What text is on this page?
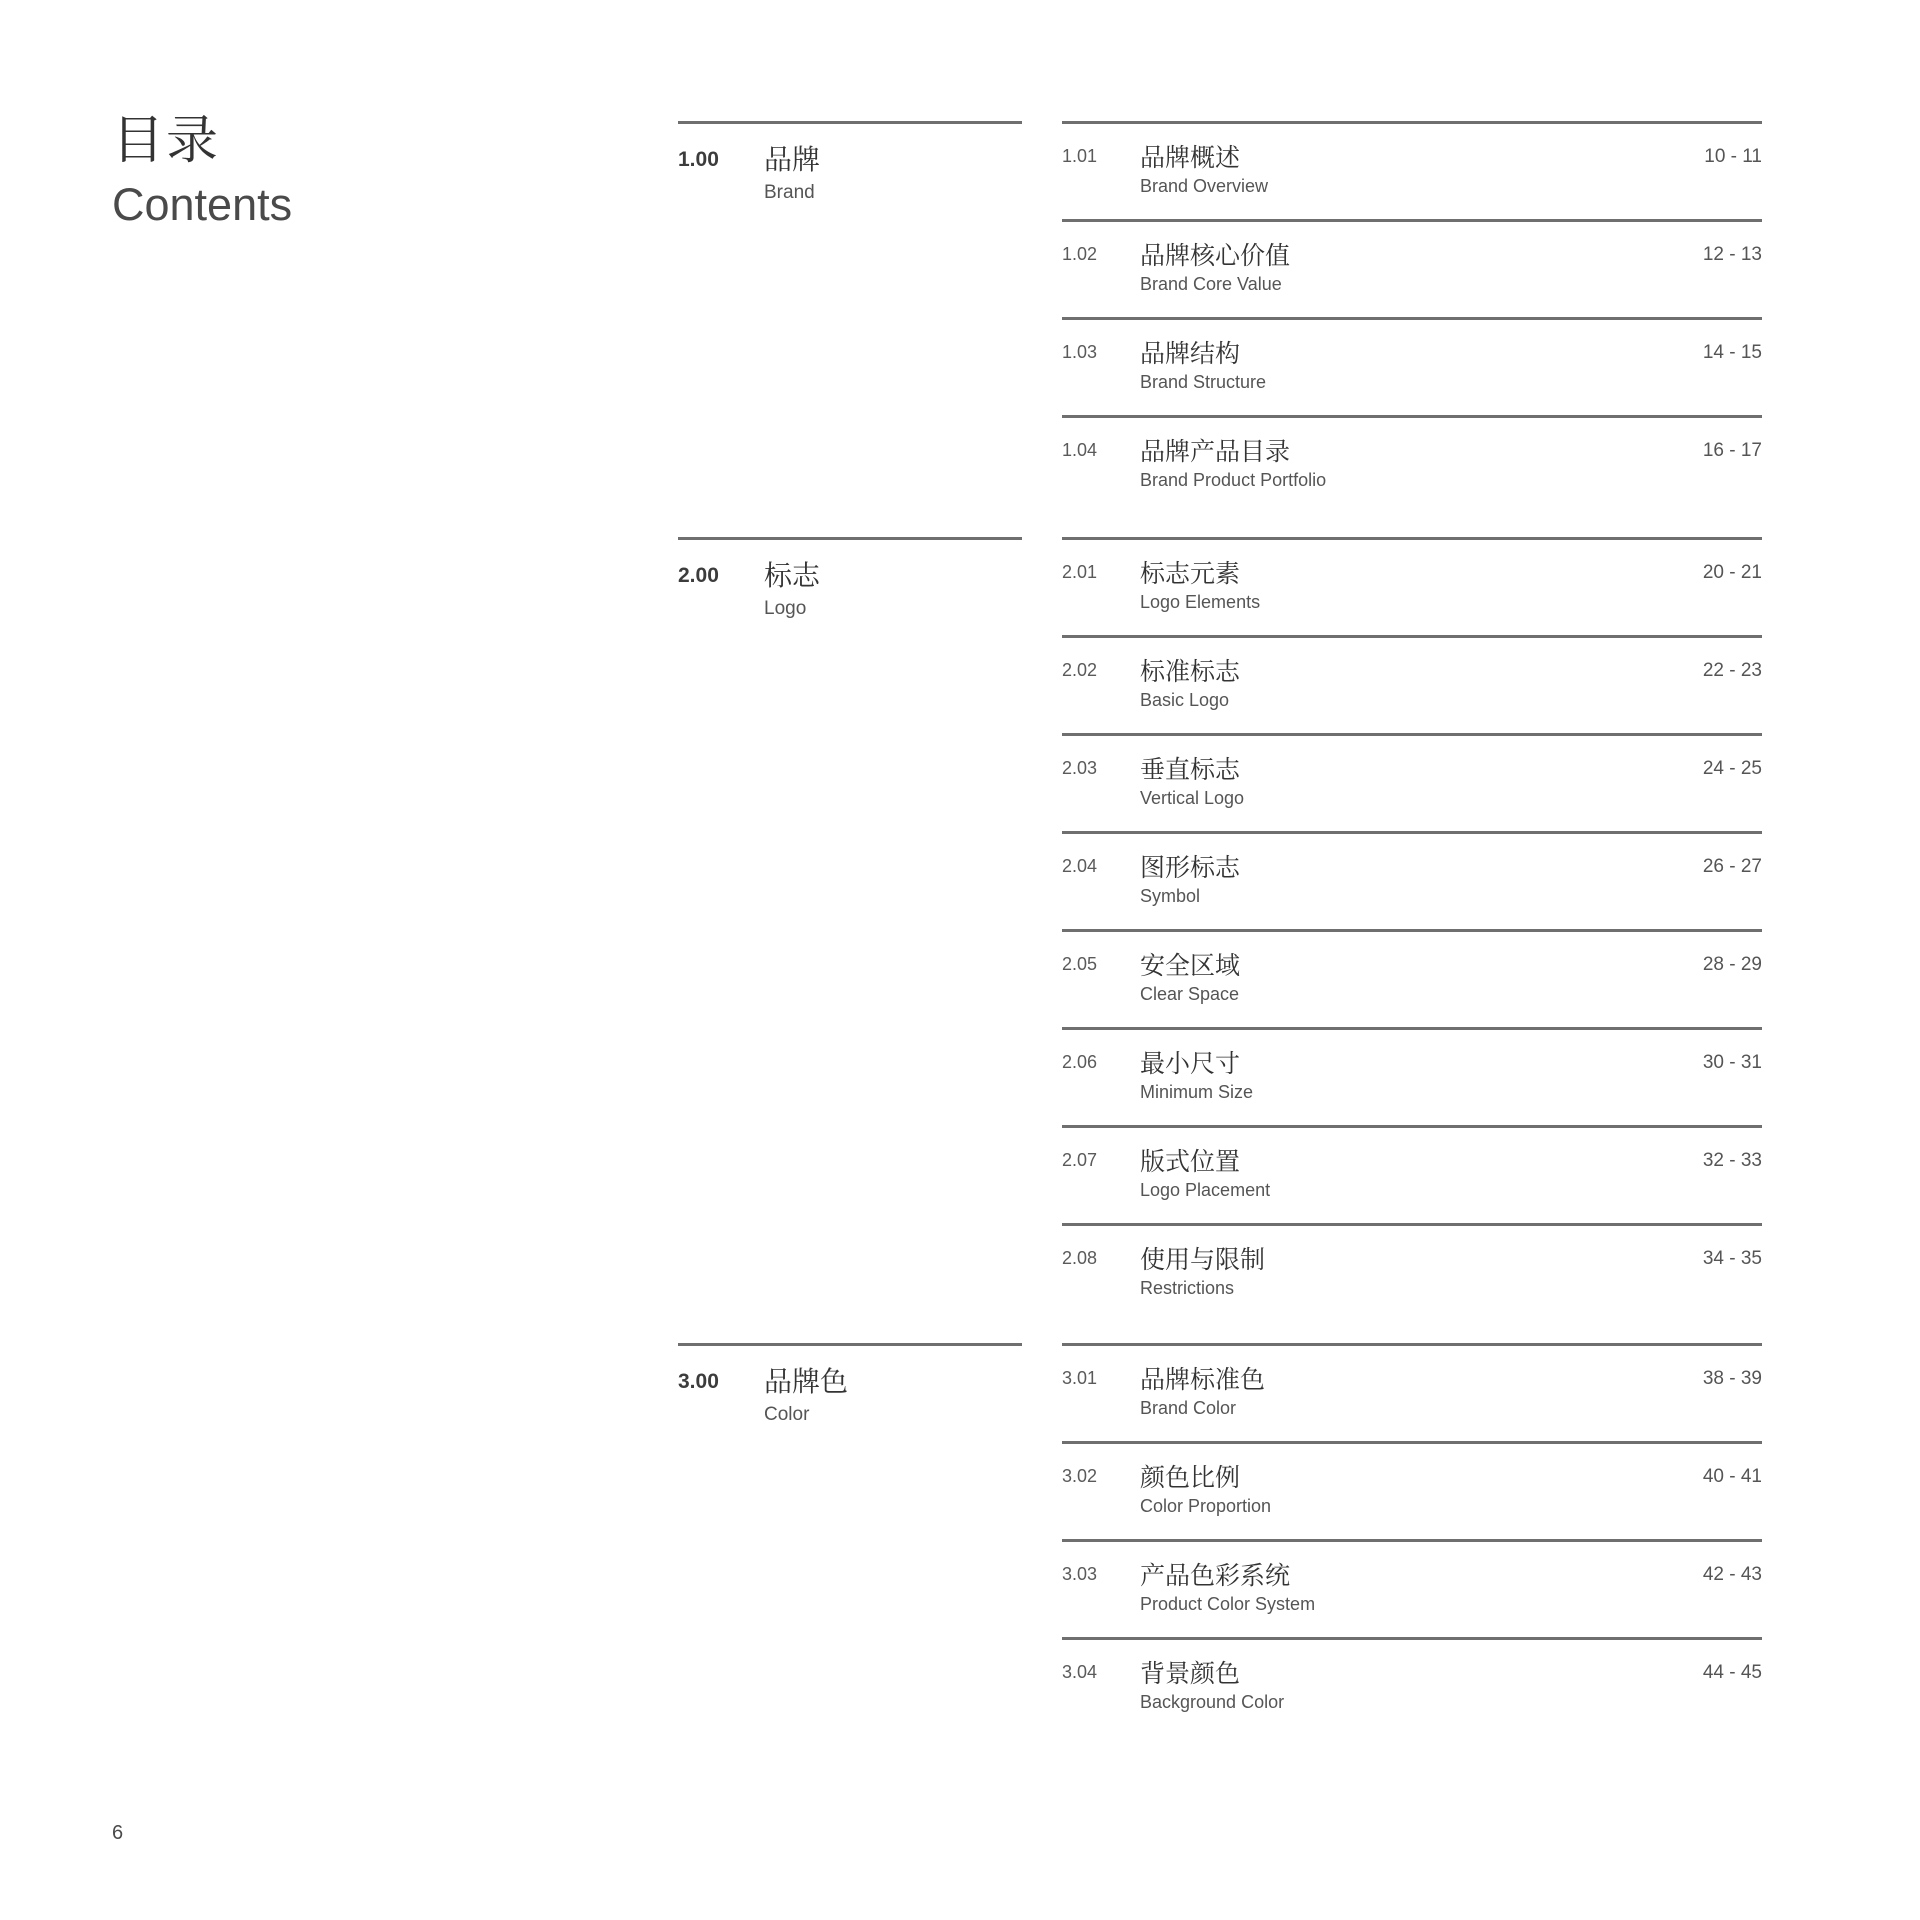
目录
Contents
1.00 品牌
Brand
1.01 品牌概述
Brand Overview
10 - 11
1.02 品牌核心价值
Brand Core Value
12 - 13
1.03 品牌结构
Brand Structure
14 - 15
1.04 品牌产品目录
Brand Product Portfolio
16 - 17
2.00 标志
Logo
2.01 标志元素
Logo Elements
20 - 21
2.02 标准标志
Basic Logo
22 - 23
2.03 垂直标志
Vertical Logo
24 - 25
2.04 图形标志
Symbol
26 - 27
2.05 安全区域
Clear Space
28 - 29
2.06 最小尺寸
Minimum Size
30 - 31
2.07 版式位置
Logo Placement
32 - 33
2.08 使用与限制
Restrictions
34 - 35
3.00 品牌色
Color
3.01 品牌标准色
Brand Color
38 - 39
3.02 颜色比例
Color Proportion
40 - 41
3.03 产品色彩系统
Product Color System
42 - 43
3.04 背景颜色
Background Color
44 - 45
6
